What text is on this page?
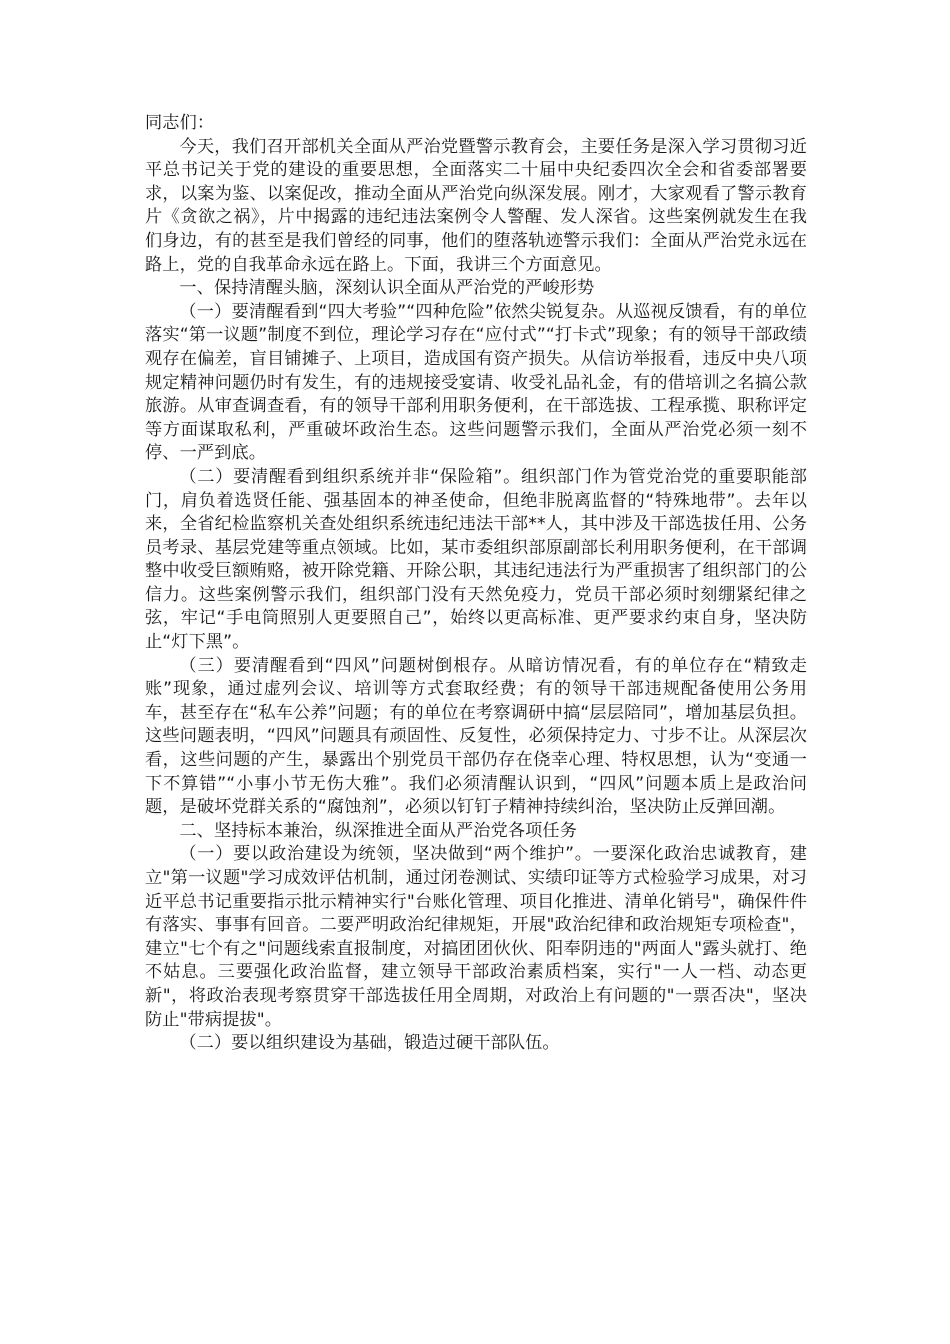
同志们：

今天，我们召开部机关全面从严治党暨警示教育会，主要任务是深入学习贯彻习近平总书记关于党的建设的重要思想，全面落实二十届中央纪委四次全会和省委部署要求，以案为鉴、以案促改，推动全面从严治党向纵深发展。刚才，大家观看了警示教育片《贪欲之祸》，片中揭露的违纪违法案例令人警醒、发人深省。这些案例就发生在我们身边，有的甚至是我们曾经的同事，他们的堕落轨迹警示我们：全面从严治党永远在路上，党的自我革命永远在路上。下面，我讲三个方面意见。

一、保持清醒头脑，深刻认识全面从严治党的严峻形势

（一）要清醒看到“四大考验”“四种危险”依然尖锐复杂。从巡视反馈看，有的单位落实“第一议题”制度不到位，理论学习存在“应付式”“打卡式”现象；有的领导干部政绩观存在偏差，盲目铺摊子、上项目，造成国有资产损失。从信访举报看，违反中央八项规定精神问题仍时有发生，有的违规接受宴请、收受礼品礼金，有的借培训之名搞公款旅游。从审查调查看，有的领导干部利用职务便利，在干部选拔、工程承揽、职称评定等方面谋取私利，严重破坏政治生态。这些问题警示我们，全面从严治党必须一刻不停、一严到底。

（二）要清醒看到组织系统并非“保险箱”。组织部门作为管党治党的重要职能部门，肩负着选贤任能、强基固本的神圣使命，但绝非脱离监督的“特殊地带”。去年以来，全省纪检监察机关查处组织系统违纪违法干部**人，其中涉及干部选拔任用、公务员考录、基层党建等重点领域。比如，某市委组织部原副部长利用职务便利，在干部调整中收受巨额贿赂，被开除党籍、开除公职，其违纪违法行为严重损害了组织部门的公信力。这些案例警示我们，组织部门没有天然免疫力，党员干部必须时刻绷紧纪律之弦，牢记“手电筒照别人更要照自己”，始终以更高标准、更严要求约束自身，坚决防止“灯下黑”。

（三）要清醒看到“四风”问题树倒根存。从暗访情况看，有的单位存在“精致走账”现象，通过虚列会议、培训等方式套取经费；有的领导干部违规配备使用公务用车，甚至存在“私车公养”问题；有的单位在考察调研中搞“层层陪同”，增加基层负担。这些问题表明，“四风”问题具有顽固性、反复性，必须保持定力、寸步不让。从深层次看，这些问题的产生，暴露出个别党员干部仍存在侥幸心理、特权思想，认为“变通一下不算错”“小事小节无伤大雅”。我们必须清醒认识到，“四风”问题本质上是政治问题，是破坏党群关系的“腐蚀剂”，必须以钉钉子精神持续纠治，坚决防止反弹回潮。

二、坚持标本兼治，纵深推进全面从严治党各项任务

（一）要以政治建设为统领，坚决做到“两个维护”。一要深化政治忠诚教育，建立"第一议题"学习成效评估机制，通过闭卷测试、实绩印证等方式检验学习成果，对习近平总书记重要指示批示精神实行"台账化管理、项目化推进、清单化销号"，确保件件有落实、事事有回音。二要严明政治纪律规矩，开展"政治纪律和政治规矩专项检查"，建立"七个有之"问题线索直报制度，对搞团团伙伙、阳奉阴违的"两面人"露头就打、绝不姑息。三要强化政治监督，建立领导干部政治素质档案，实行"一人一档、动态更新"，将政治表现考察贯穿干部选拔任用全周期，对政治上有问题的"一票否决"，坚决防止"带病提拔"。

（二）要以组织建设为基础，锻造过硬干部队伍。
